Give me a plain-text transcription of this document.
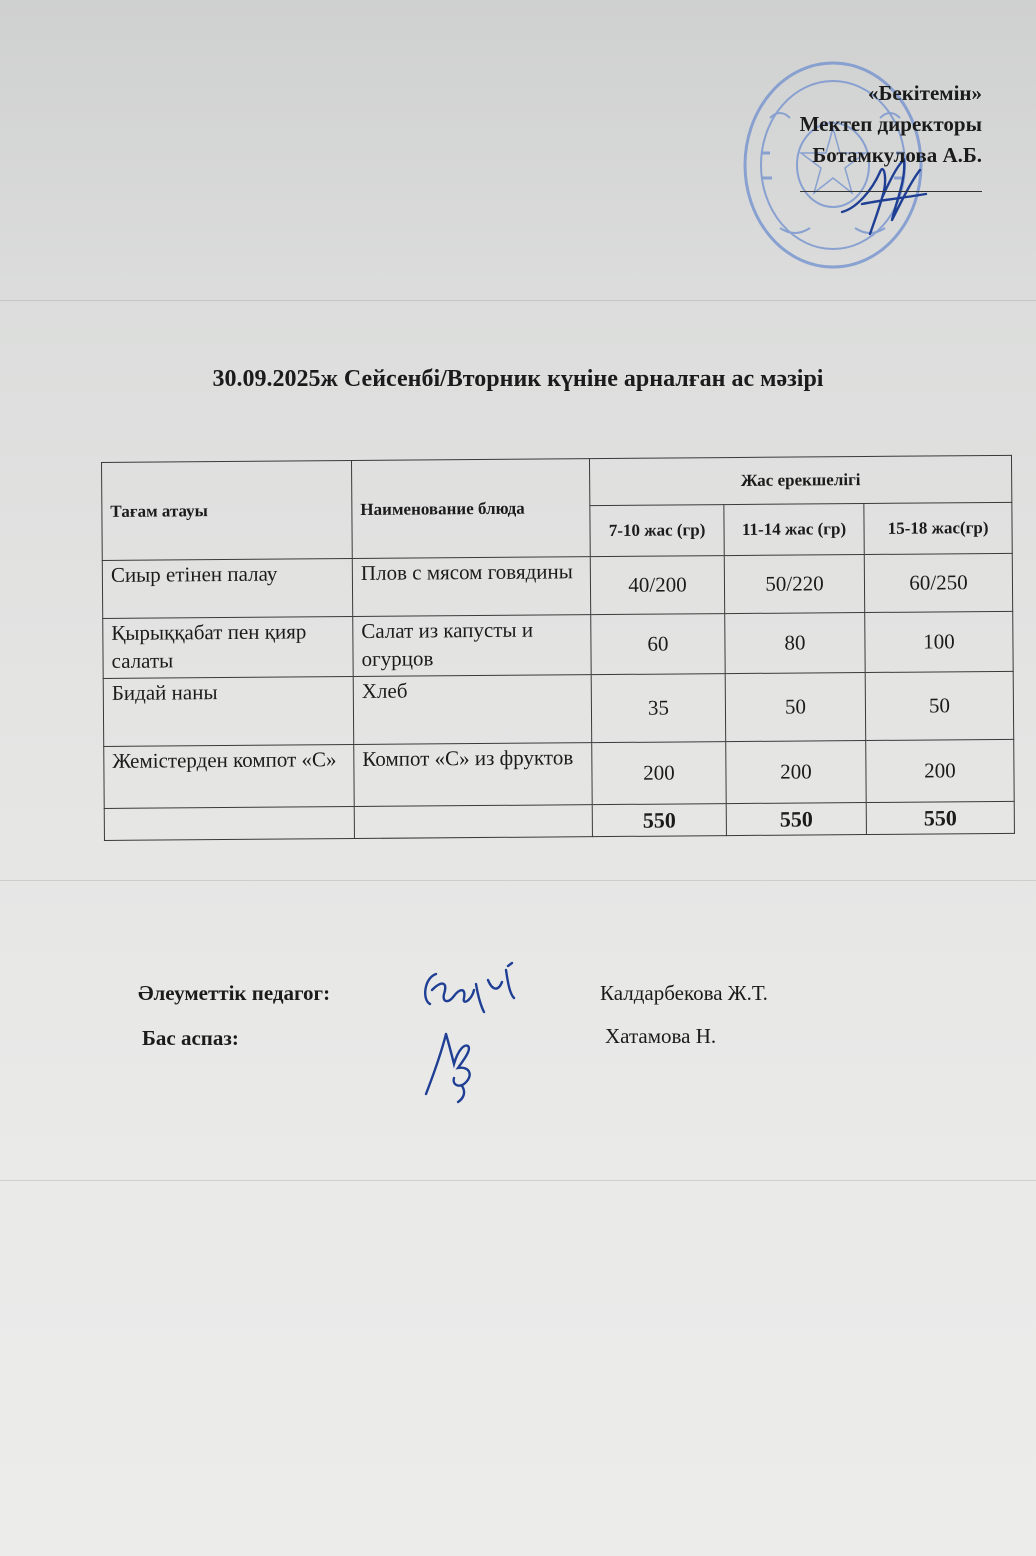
«Бекітемін»
Мектеп директоры
Ботамкулова А.Б.
30.09.2025ж Сейсенбі/Вторник күніне арналған ас мәзірі
Тағам атауы	Наименование блюда	Жас ерекшелігі		
		7-10 жас (гр)	11-14 жас (гр)	15-18 жас(гр)
Сиыр етінен палау	Плов с мясом говядины	40/200	50/220	60/250
Қырыққабат пен қияр салаты	Салат из капусты и огурцов	60	80	100
Бидай наны	Хлеб	35	50	50
Жемістерден компот «С»	Компот «С» из фруктов	200	200	200
		550	550	550
Әлеуметтік педагог:	Калдарбекова Ж.Т.
Бас аспаз:	Хатамова Н.
